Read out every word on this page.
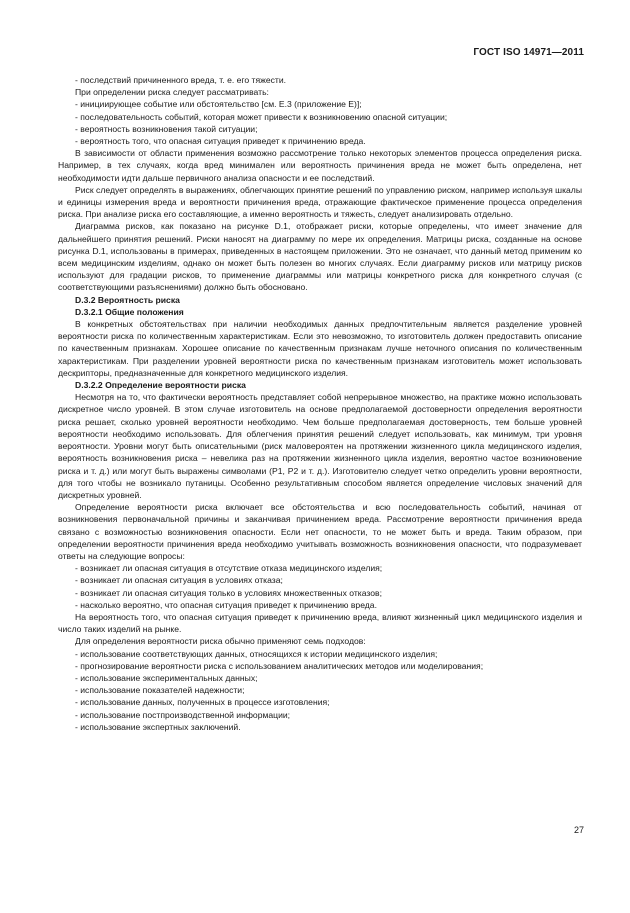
ГОСТ ISO 14971—2011

- последствий причиненного вреда, т. е. его тяжести.

При определении риска следует рассматривать:

- инициирующее событие или обстоятельство [см. Е.3 (приложение Е)];

- последовательность событий, которая может привести к возникновению опасной ситуации;

- вероятность возникновения такой ситуации;

- вероятность того, что опасная ситуация приведет к причинению вреда.

В зависимости от области применения возможно рассмотрение только некоторых элементов процесса определения риска. Например, в тех случаях, когда вред минимален или вероятность причинения вреда не может быть определена, нет необходимости идти дальше первичного анализа опасности и ее последствий.

Риск следует определять в выражениях, облегчающих принятие решений по управлению риском, например используя шкалы и единицы измерения вреда и вероятности причинения вреда, отражающие фактическое применение процесса определения риска. При анализе риска его составляющие, а именно вероятность и тяжесть, следует анализировать отдельно.

Диаграмма рисков, как показано на рисунке D.1, отображает риски, которые определены, что имеет значение для дальнейшего принятия решений. Риски наносят на диаграмму по мере их определения. Матрицы риска, созданные на основе рисунка D.1, использованы в примерах, приведенных в настоящем приложении. Это не означает, что данный метод применим ко всем медицинским изделиям, однако он может быть полезен во многих случаях. Если диаграмму рисков или матрицу рисков используют для градации рисков, то применение диаграммы или матрицы конкретного риска для конкретного случая (с соответствующими разъяснениями) должно быть обосновано.

D.3.2 Вероятность риска

D.3.2.1 Общие положения

В конкретных обстоятельствах при наличии необходимых данных предпочтительным является разделение уровней вероятности риска по количественным характеристикам. Если это невозможно, то изготовитель должен предоставить описание по качественным признакам. Хорошее описание по качественным признакам лучше неточного описания по количественным характеристикам. При разделении уровней вероятности риска по качественным признакам изготовитель может использовать дескрипторы, предназначенные для конкретного медицинского изделия.

D.3.2.2 Определение вероятности риска

Несмотря на то, что фактически вероятность представляет собой непрерывное множество, на практике можно использовать дискретное число уровней. В этом случае изготовитель на основе предполагаемой достоверности определения вероятности риска решает, сколько уровней вероятности необходимо. Чем больше предполагаемая достоверность, тем больше уровней вероятности необходимо использовать. Для облегчения принятия решений следует использовать, как минимум, три уровня вероятности. Уровни могут быть описательными (риск маловероятен на протяжении жизненного цикла медицинского изделия, вероятность возникновения риска – невелика раз на протяжении жизненного цикла изделия, вероятно частое возникновение риска и т. д.) или могут быть выражены символами (P1, P2 и т. д.). Изготовителю следует четко определить уровни вероятности, для того чтобы не возникало путаницы. Особенно результативным способом является определение числовых значений для дискретных уровней.

Определение вероятности риска включает все обстоятельства и всю последовательность событий, начиная от возникновения первоначальной причины и заканчивая причинением вреда. Рассмотрение вероятности причинения вреда связано с возможностью возникновения опасности. Если нет опасности, то не может быть и вреда. Таким образом, при определении вероятности причинения вреда необходимо учитывать возможность возникновения опасности, что подразумевает ответы на следующие вопросы:

- возникает ли опасная ситуация в отсутствие отказа медицинского изделия;

- возникает ли опасная ситуация в условиях отказа;

- возникает ли опасная ситуация только в условиях множественных отказов;

- насколько вероятно, что опасная ситуация приведет к причинению вреда.

На вероятность того, что опасная ситуация приведет к причинению вреда, влияют жизненный цикл медицинского изделия и число таких изделий на рынке.

Для определения вероятности риска обычно применяют семь подходов:

- использование соответствующих данных, относящихся к истории медицинского изделия;

- прогнозирование вероятности риска с использованием аналитических методов или моделирования;

- использование экспериментальных данных;

- использование показателей надежности;

- использование данных, полученных в процессе изготовления;

- использование постпроизводственной информации;

- использование экспертных заключений.

27
